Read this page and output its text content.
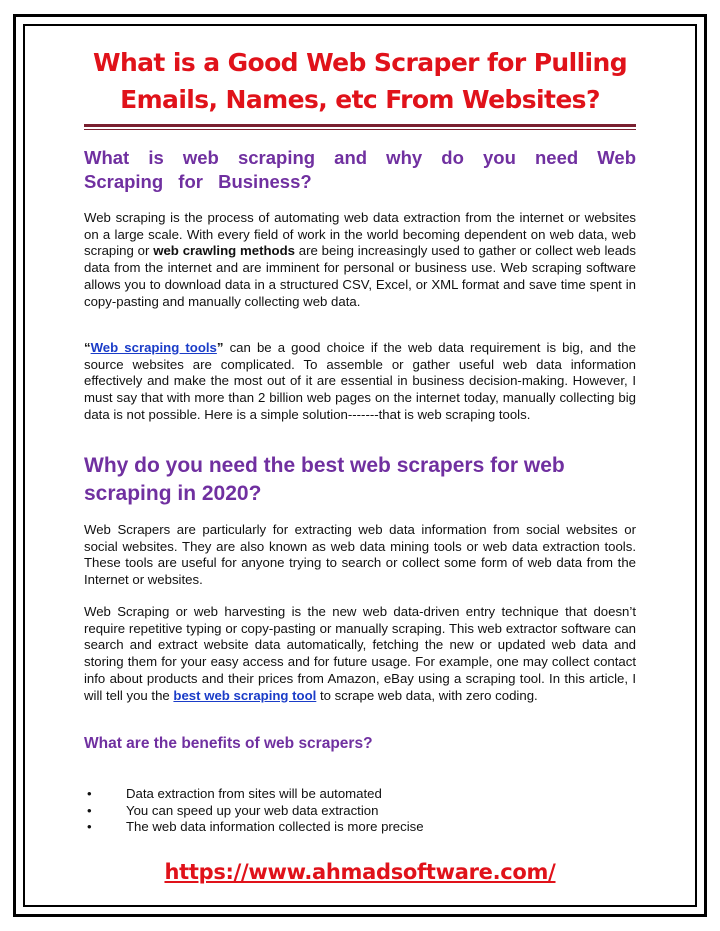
What is a Good Web Scraper for Pulling Emails, Names, etc From Websites?
What is web scraping and why do you need Web Scraping for Business?

Web scraping is the process of automating web data extraction from the internet or websites on a large scale. With every field of work in the world becoming dependent on web data, web scraping or web crawling methods are being increasingly used to gather or collect web leads data from the internet and are imminent for personal or business use. Web scraping software allows you to download data in a structured CSV, Excel, or XML format and save time spent in copy-pasting and manually collecting web data.

“Web scraping tools” can be a good choice if the web data requirement is big, and the source websites are complicated. To assemble or gather useful web data information effectively and make the most out of it are essential in business decision-making. However, I must say that with more than 2 billion web pages on the internet today, manually collecting big data is not possible. Here is a simple solution-------that is web scraping tools.

Why do you need the best web scrapers for web scraping in 2020?

Web Scrapers are particularly for extracting web data information from social websites or social websites. They are also known as web data mining tools or web data extraction tools. These tools are useful for anyone trying to search or collect some form of web data from the Internet or websites.

Web Scraping or web harvesting is the new web data-driven entry technique that doesn’t require repetitive typing or copy-pasting or manually scraping. This web extractor software can search and extract website data automatically, fetching the new or updated web data and storing them for your easy access and for future usage. For example, one may collect contact info about products and their prices from Amazon, eBay using a scraping tool. In this article, I will tell you the best web scraping tool to scrape web data, with zero coding.

What are the benefits of web scrapers?
•	Data extraction from sites will be automated
•	You can speed up your web data extraction
•	The web data information collected is more precise
https://www.ahmadsoftware.com/
